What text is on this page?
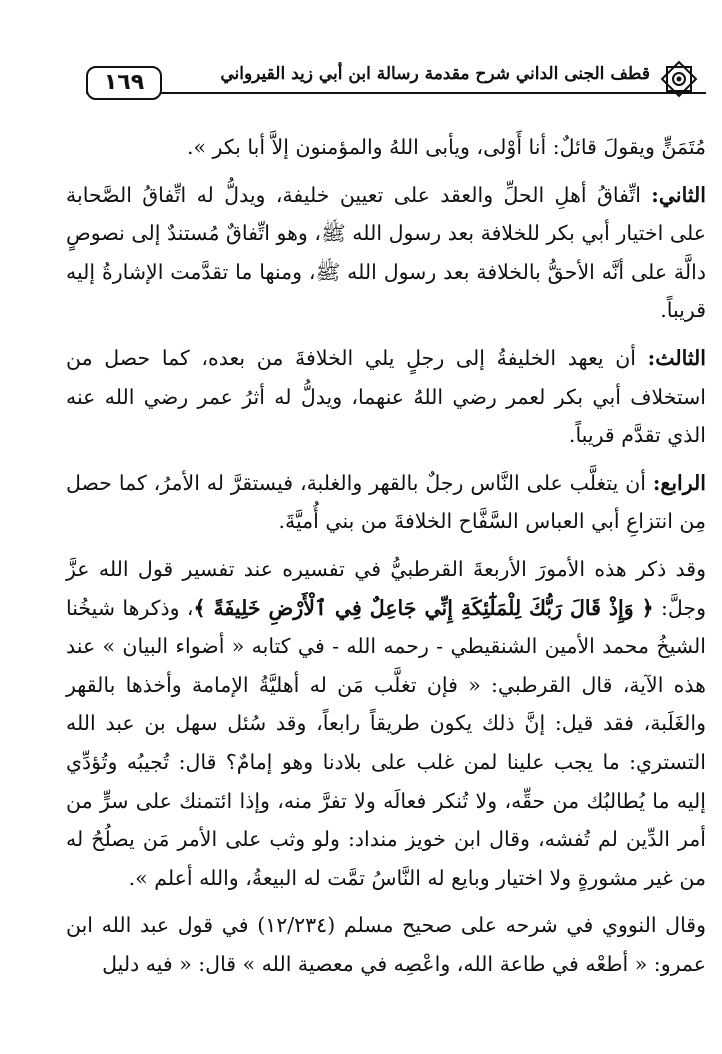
قطف الجنى الداني شرح مقدمة رسالة ابن أبي زيد القيرواني
١٦٩

مُتَمَنٍّ ويقولَ قائلٌ: أنا أَوْلى، ويأبى اللهُ والمؤمنون إلاَّ أبا بكر ».

الثاني: اتِّفاقُ أهلِ الحلِّ والعقد على تعيين خليفة، ويدلُّ له اتِّفاقُ الصَّحابة على اختيار أبي بكر للخلافة بعد رسول الله ﷺ، وهو اتِّفاقٌ مُستندٌ إلى نصوصٍ دالَّة على أنَّه الأحقُّ بالخلافة بعد رسول الله ﷺ، ومنها ما تقدَّمت الإشارةُ إليه قريباً.

الثالث: أن يعهد الخليفةُ إلى رجلٍ يلي الخلافةَ من بعده، كما حصل من استخلاف أبي بكر لعمر رضي اللهُ عنهما، ويدلُّ له أثرُ عمر رضي الله عنه الذي تقدَّم قريباً.

الرابع: أن يتغلَّب على النَّاس رجلٌ بالقهر والغلبة، فيستقرَّ له الأمرُ، كما حصل مِن انتزاعِ أبي العباس السَّفَّاح الخلافةَ من بني أُميَّةَ.

وقد ذكر هذه الأمورَ الأربعةَ القرطبيُّ في تفسيره عند تفسير قول الله عزَّ وجلَّ: ﴿ وَإِذْ قَالَ رَبُّكَ لِلْمَلَٰٓئِكَةِ إِنِّي جَاعِلٌ فِي ٱلْأَرْضِ خَلِيفَةً ﴾، وذكرها شيخُنا الشيخُ محمد الأمين الشنقيطي - رحمه الله - في كتابه « أضواء البيان » عند هذه الآية، قال القرطبي: « فإن تغلَّب مَن له أهليَّةُ الإمامة وأخذها بالقهر والغَلَبة، فقد قيل: إنَّ ذلك يكون طريقاً رابعاً، وقد سُئل سهل بن عبد الله التستري: ما يجب علينا لمن غلب على بلادنا وهو إمامٌ؟ قال: تُجيبُه وتُؤدِّي إليه ما يُطالبُك من حقِّه، ولا تُنكر فعالَه ولا تفرَّ منه، وإذا ائتمنك على سرٍّ من أمر الدِّين لم تُفشه، وقال ابن خويز منداد: ولو وثب على الأمر مَن يصلُحُ له من غير مشورةٍ ولا اختيار وبايع له النَّاسُ تمَّت له البيعةُ، والله أعلم ».

وقال النووي في شرحه على صحيح مسلم (١٢/٢٣٤) في قول عبد الله ابن عمرو: « أطعْه في طاعة الله، واعْصِه في معصية الله » قال: « فيه دليل
